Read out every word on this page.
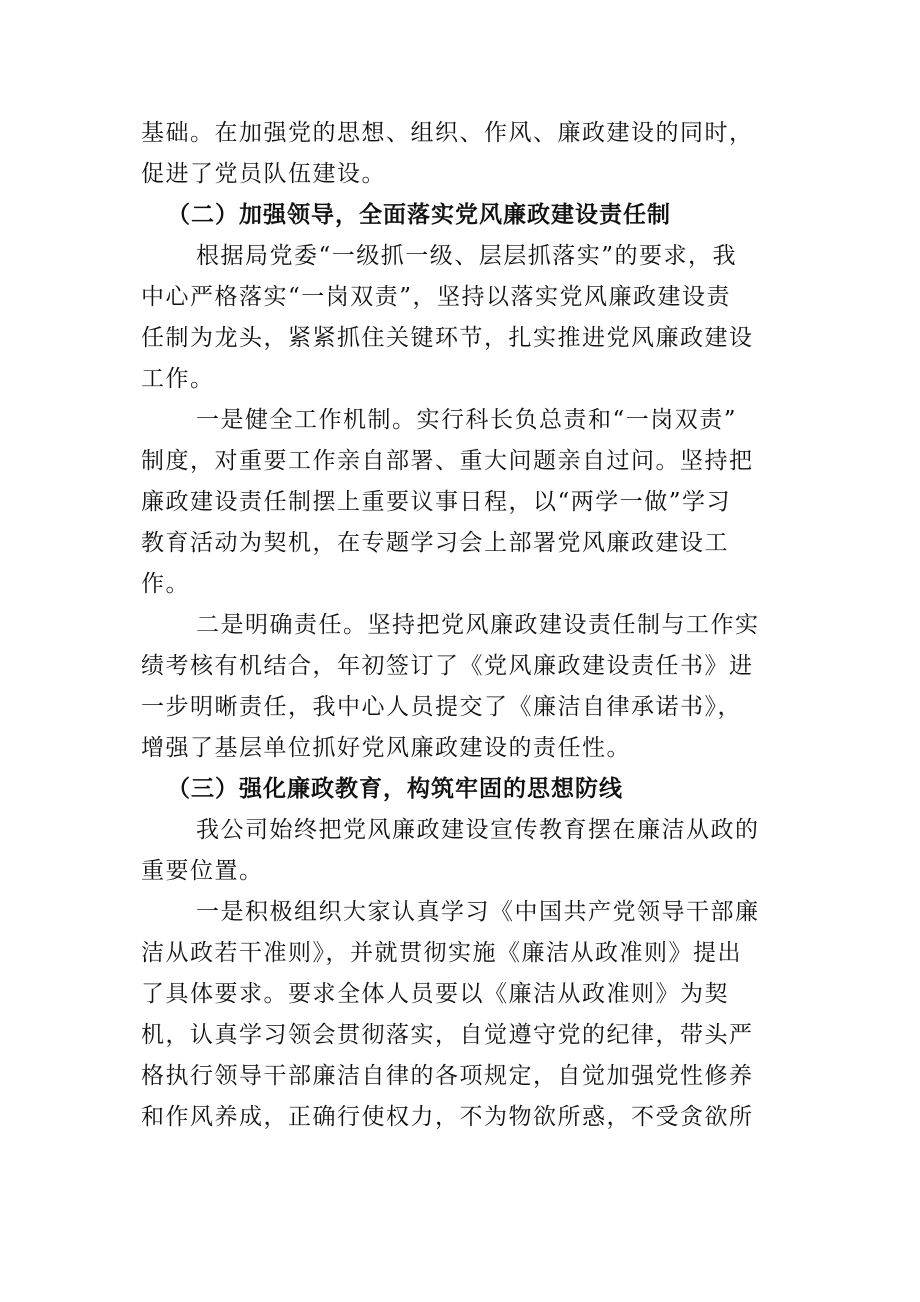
基础。在加强党的思想、组织、作风、廉政建设的同时，
促进了党员队伍建设。
（二）加强领导，全面落实党风廉政建设责任制
根据局党委“一级抓一级、层层抓落实”的要求，我
中心严格落实“一岗双责”，坚持以落实党风廉政建设责
任制为龙头，紧紧抓住关键环节，扎实推进党风廉政建设
工作。
一是健全工作机制。实行科长负总责和“一岗双责”
制度，对重要工作亲自部署、重大问题亲自过问。坚持把
廉政建设责任制摆上重要议事日程，以“两学一做”学习
教育活动为契机，在专题学习会上部署党风廉政建设工
作。
二是明确责任。坚持把党风廉政建设责任制与工作实
绩考核有机结合，年初签订了《党风廉政建设责任书》进
一步明晰责任，我中心人员提交了《廉洁自律承诺书》，
增强了基层单位抓好党风廉政建设的责任性。
（三）强化廉政教育，构筑牢固的思想防线
我公司始终把党风廉政建设宣传教育摆在廉洁从政的
重要位置。
一是积极组织大家认真学习《中国共产党领导干部廉
洁从政若干准则》，并就贯彻实施《廉洁从政准则》提出
了具体要求。要求全体人员要以《廉洁从政准则》为契
机，认真学习领会贯彻落实，自觉遵守党的纪律，带头严
格执行领导干部廉洁自律的各项规定，自觉加强党性修养
和作风养成，正确行使权力，不为物欲所惑，不受贪欲所
